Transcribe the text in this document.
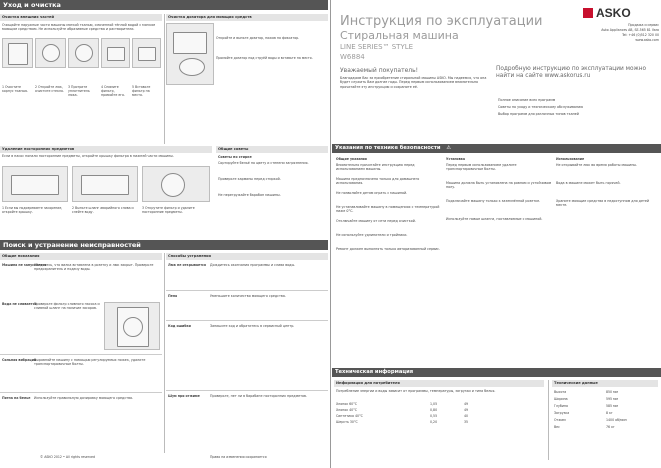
Уход и очистка
Очистка внешних частей
Очищайте наружные части машины мягкой тканью, смоченной тёплой водой с мягким моющим средством. Не используйте абразивные средства и растворители.
Очистка дозатора для моющих средств
Откройте и выньте дозатор, нажав на фиксатор.
Промойте дозатор под струёй воды и вставьте на место.
1 Очистите корпус тканью.
2 Откройте люк, очистите стекло.
3 Протрите уплотнитель люка.
4 Снимите фильтр, промойте его.
5 Вставьте фильтр на место.
Удаление посторонних предметов
Если в насос попали посторонние предметы, откройте крышку фильтра в нижней части машины.
1 Если вы подозреваете засорение, откройте крышку.
2 Выньте шланг аварийного слива и слейте воду.
3 Открутите фильтр и удалите посторонние предметы.
Общие советы
Советы по стирке
Сортируйте бельё по цвету и степени загрязнения.
Проверьте карманы перед стиркой.
Не перегружайте барабан машины.
Поиск и устранение неисправностей
Общие показания	Способы устранения
Машина не запускается
Убедитесь, что вилка вставлена в розетку и люк закрыт. Проверьте предохранитель и подачу воды.
Вода не сливается
Проверьте фильтр сливного насоса и сливной шланг на наличие засоров.
Сильная вибрация
Выровняйте машину с помощью регулируемых ножек, удалите транспортировочные болты.
Пятна на белье	Используйте правильную дозировку моющего средства.
Люк не открывается	Дождитесь окончания программы и слива воды.
Пена	Уменьшите количество моющего средства.
Код ошибки	Запишите код и обратитесь в сервисный центр.
Шум при отжиме	Проверьте, нет ли в барабане посторонних предметов.
© ASKO 2012 • All rights reserved	Право на изменения сохраняется
ASKO
Продажа и сервис
Asko Appliances AB, SE-565 81 Vara
Tel: +46 (0)512 320 00
www.asko.com
Инструкция по эксплуатации
Стиральная машина
LINE SERIES™ STYLE
W6884
Уважаемый покупатель!
Благодарим Вас за приобретение стиральной машины ASKO. Мы надеемся, что она будет служить Вам долгие годы. Перед первым использованием внимательно прочитайте эту инструкцию и сохраните её.
Подробную инструкцию по эксплуатации можно найти на сайте www.askorus.ru
Полное описание всех программ
Советы по уходу и техническому обслуживанию
Выбор программ для различных типов тканей
Указания по технике безопасности ⚠
Общие указания
Внимательно прочитайте инструкцию перед использованием машины.
Машина предназначена только для домашнего использования.
Не позволяйте детям играть с машиной.
Не устанавливайте машину в помещениях с температурой ниже 0°C.
Отключайте машину от сети перед очисткой.
Не используйте удлинители и тройники.
Ремонт должен выполнять только авторизованный сервис.
Установка
Перед первым использованием удалите транспортировочные болты.
Машина должна быть установлена на ровном и устойчивом полу.
Подключайте машину только к заземлённой розетке.
Используйте новые шланги, поставляемые с машиной.
Использование
Не открывайте люк во время работы машины.
Вода в машине может быть горячей.
Храните моющие средства в недоступном для детей месте.
Техническая информация
Информация для потребителя
Потребление энергии и воды зависит от программы, температуры, загрузки и типа белья.
Хлопок 60°C	1,05	49
Хлопок 40°C	0,80	49
Синтетика 40°C	0,55	40
Шерсть 30°C	0,20	35
Технические данные
Высота	850 мм
Ширина	595 мм
Глубина	585 мм
Загрузка	8 кг
Отжим	1400 об/мин
Вес	76 кг
